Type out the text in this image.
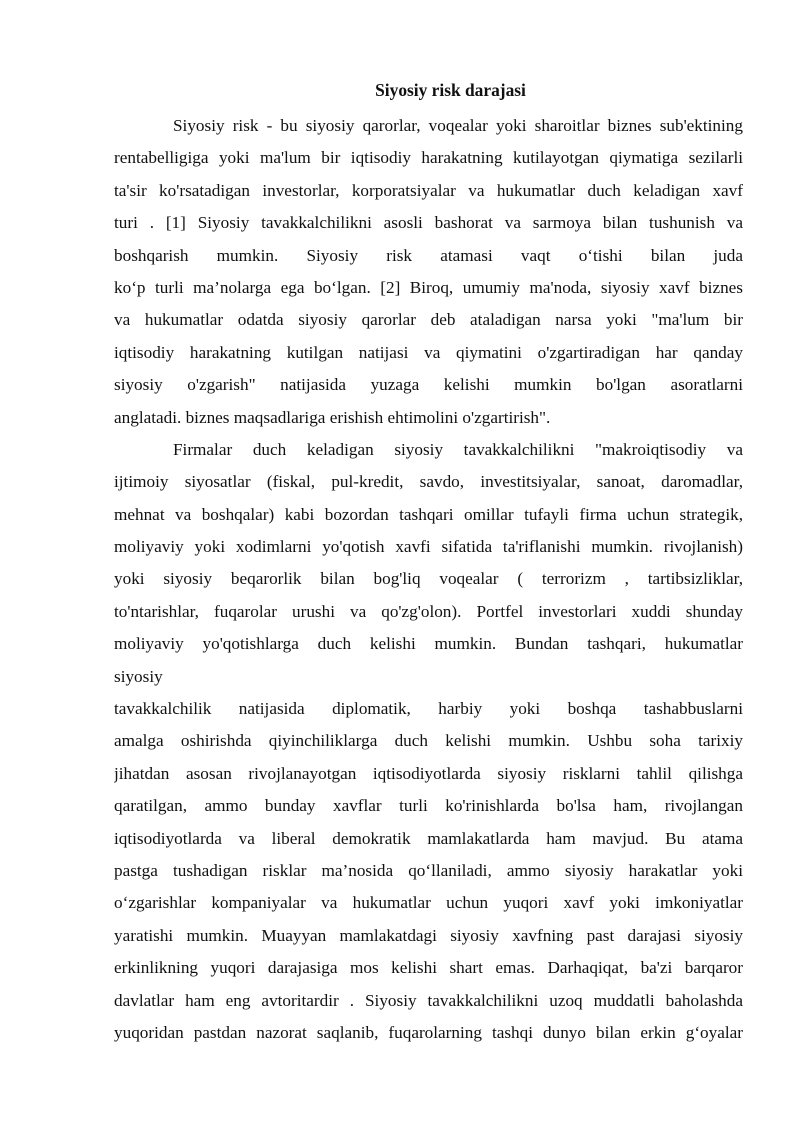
Siyosiy risk darajasi
Siyosiy risk - bu siyosiy qarorlar, voqealar yoki sharoitlar biznes sub'ektining
rentabelligiga yoki ma'lum bir iqtisodiy harakatning kutilayotgan qiymatiga sezilarli
ta'sir ko'rsatadigan investorlar, korporatsiyalar va hukumatlar duch keladigan xavf
turi . [1] Siyosiy tavakkalchilikni asosli bashorat va sarmoya bilan tushunish va
boshqarish mumkin. Siyosiy risk atamasi vaqt o‘tishi bilan juda
ko‘p turli ma’nolarga ega bo‘lgan. [2] Biroq, umumiy ma'noda, siyosiy xavf biznes
va hukumatlar odatda siyosiy qarorlar deb ataladigan narsa yoki "ma'lum bir
iqtisodiy harakatning kutilgan natijasi va qiymatini o'zgartiradigan har qanday
siyosiy o'zgarish" natijasida yuzaga kelishi mumkin bo'lgan asoratlarni
anglatadi. biznes maqsadlariga erishish ehtimolini o'zgartirish".
Firmalar duch keladigan siyosiy tavakkalchilikni "makroiqtisodiy va
ijtimoiy siyosatlar (fiskal, pul-kredit, savdo, investitsiyalar, sanoat, daromadlar,
mehnat va boshqalar) kabi bozordan tashqari omillar tufayli firma uchun strategik,
moliyaviy yoki xodimlarni yo'qotish xavfi sifatida ta'riflanishi mumkin. rivojlanish)
yoki siyosiy beqarorlik bilan bog'liq voqealar ( terrorizm , tartibsizliklar,
to'ntarishlar, fuqarolar urushi va qo'zg'olon). Portfel investorlari xuddi shunday
moliyaviy yo'qotishlarga duch kelishi mumkin. Bundan tashqari, hukumatlar
siyosiy
tavakkalchilik natijasida diplomatik, harbiy yoki boshqa tashabbuslarni
amalga oshirishda qiyinchiliklarga duch kelishi mumkin. Ushbu soha tarixiy
jihatdan asosan rivojlanayotgan iqtisodiyotlarda siyosiy risklarni tahlil qilishga
qaratilgan, ammo bunday xavflar turli ko'rinishlarda bo'lsa ham, rivojlangan
iqtisodiyotlarda va liberal demokratik mamlakatlarda ham mavjud. Bu atama
pastga tushadigan risklar ma’nosida qo‘llaniladi, ammo siyosiy harakatlar yoki
o‘zgarishlar kompaniyalar va hukumatlar uchun yuqori xavf yoki imkoniyatlar
yaratishi mumkin. Muayyan mamlakatdagi siyosiy xavfning past darajasi siyosiy
erkinlikning yuqori darajasiga mos kelishi shart emas. Darhaqiqat, ba'zi barqaror
davlatlar ham eng avtoritardir . Siyosiy tavakkalchilikni uzoq muddatli baholashda
yuqoridan pastdan nazorat saqlanib, fuqarolarning tashqi dunyo bilan erkin g‘oyalar
